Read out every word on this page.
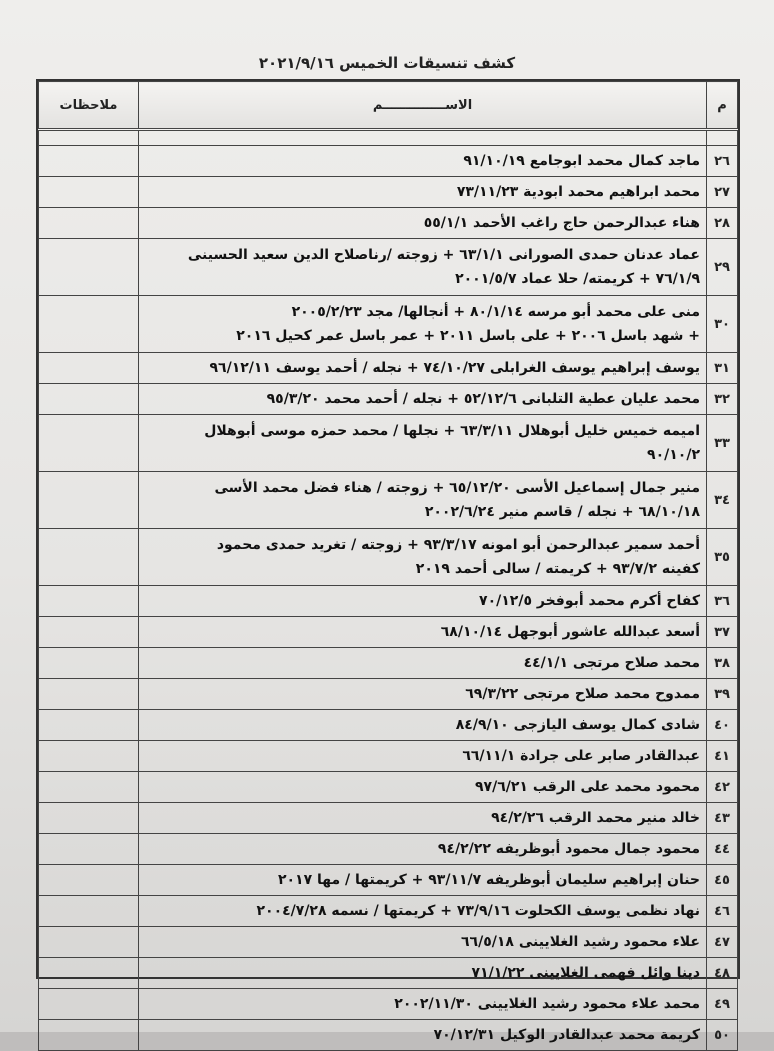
كشف تنسيقات الخميس ٢٠٢١/٩/١٦
م	الاســــــــــــــم	ملاحظات

٢٦	ماجد كمال محمد ابوجامع ٩١/١٠/١٩	
٢٧	محمد ابراهيم محمد ابودية ٧٣/١١/٢٣	
٢٨	هناء عبدالرحمن حاج راغب الأحمد ٥٥/١/١	
٢٩	عماد عدنان حمدى الصورانى ٦٣/١/١ + زوجته /رناصلاح الدين سعيد الحسينى
٧٦/١/٩ + كريمته/ حلا عماد ٢٠٠١/٥/٧	
٣٠	منى على محمد أبو مرسه ٨٠/١/١٤ + أنجالها/ مجد ٢٠٠٥/٢/٢٣
+ شهد باسل ٢٠٠٦ + على باسل ٢٠١١ + عمر باسل عمر كحيل ٢٠١٦	
٣١	يوسف إبراهيم يوسف الغرابلى ٧٤/١٠/٢٧ + نجله / أحمد يوسف ٩٦/١٢/١١	
٣٢	محمد عليان عطية التلبانى ٥٢/١٢/٦ + نجله / أحمد محمد ٩٥/٣/٢٠	
٣٣	اميمه خميس خليل أبوهلال ٦٣/٣/١١ + نجلها / محمد حمزه موسى أبوهلال
٩٠/١٠/٢	
٣٤	منير جمال إسماعيل الأسى ٦٥/١٢/٢٠ + زوجته / هناء فضل محمد الأسى
٦٨/١٠/١٨ + نجله / قاسم منير ٢٠٠٢/٦/٢٤	
٣٥	أحمد سمير عبدالرحمن أبو امونه ٩٣/٣/١٧ + زوجته / تغريد حمدى محمود
كفينه ٩٣/٧/٢ + كريمته / سالى أحمد ٢٠١٩	
٣٦	كفاح أكرم محمد أبوفخر ٧٠/١٢/٥	
٣٧	أسعد عبدالله عاشور أبوجهل ٦٨/١٠/١٤	
٣٨	محمد صلاح مرتجى ٤٤/١/١	
٣٩	ممدوح محمد صلاح مرتجى ٦٩/٣/٢٢	
٤٠	شادى كمال يوسف اليازجى ٨٤/٩/١٠	
٤١	عبدالقادر صابر على جرادة ٦٦/١١/١	
٤٢	محمود محمد على الرقب ٩٧/٦/٢١	
٤٣	خالد منير محمد الرقب ٩٤/٢/٢٦	
٤٤	محمود جمال محمود أبوظريفه ٩٤/٢/٢٢	
٤٥	حنان إبراهيم سليمان أبوظريفه ٩٣/١١/٧ + كريمتها / مها ٢٠١٧	
٤٦	نهاد نظمى يوسف الكحلوت ٧٣/٩/١٦ + كريمتها / نسمه ٢٠٠٤/٧/٢٨	
٤٧	علاء محمود رشيد الغلايينى ٦٦/٥/١٨	
٤٨	دينا وائل فهمى الغلايينى ٧١/١/٢٢	
٤٩	محمد علاء محمود رشيد الغلايينى ٢٠٠٢/١١/٣٠	
٥٠	كريمة محمد عبدالقادر الوكيل ٧٠/١٢/٣١	
